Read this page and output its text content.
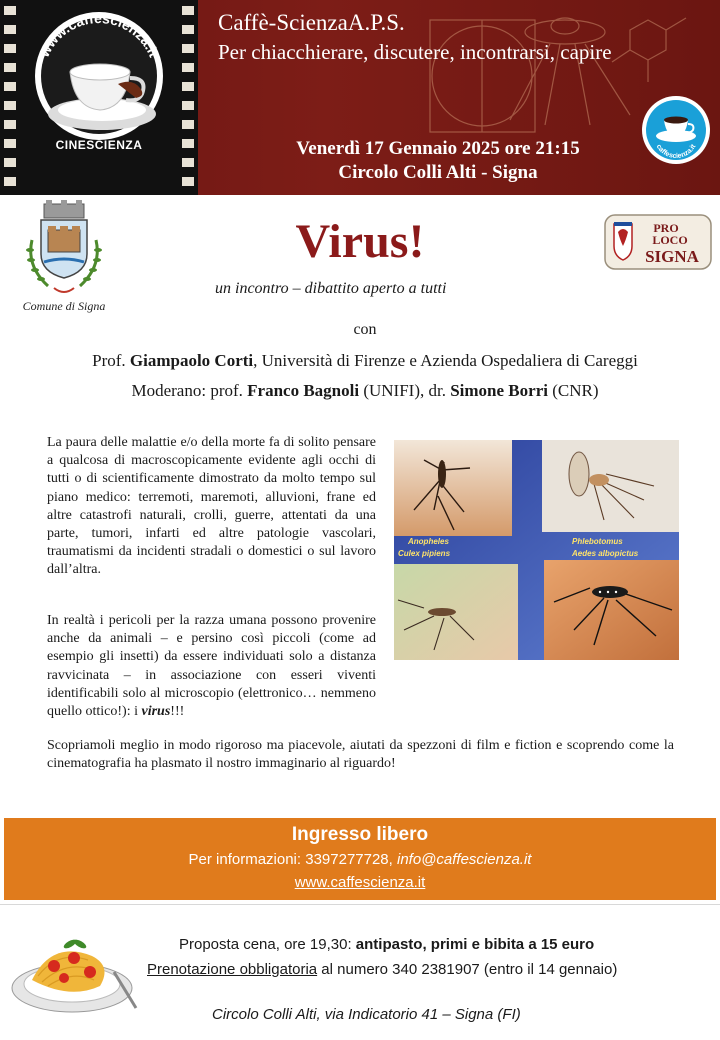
www.caffescienza.it
CINESCIENZA
Caffè-ScienzaA.P.S.
Per chiacchierare, discutere, incontrarsi, capire
Venerdì 17 Gennaio 2025 ore 21:15
Circolo Colli Alti - Signa
caffescienza.it
Comune di Signa
PRO
LOCO
SIGNA
Virus!
un incontro – dibattito aperto a tutti
con
Prof. Giampaolo Corti, Università di Firenze e Azienda Ospedaliera di Careggi
Moderano: prof. Franco Bagnoli (UNIFI), dr. Simone Borri (CNR)

La paura delle malattie e/o della morte fa di solito pensare a qualcosa di macroscopicamente evidente agli occhi di tutti o di scientificamente dimostrato da molto tempo sul piano medico: terremoti, maremoti, alluvioni, frane ed altre catastrofi naturali, crolli, guerre, attentati da una parte, tumori, infarti ed altre patologie vascolari, traumatismi da incidenti stradali o domestici o sul lavoro dall’altra.

In realtà i pericoli per la razza umana possono provenire anche da animali – e persino così piccoli (come ad esempio gli insetti) da essere individuati solo a distanza ravvicinata – in associazione con esseri viventi identificabili solo al microscopio (elettronico… nemmeno quello ottico!): i virus!!!

Scopriamoli meglio in modo rigoroso ma piacevole, aiutati da spezzoni di film e fiction e scoprendo come la cinematografia ha plasmato il nostro immaginario al riguardo!

Anopheles
Culex pipiens
Phlebotomus
Aedes albopictus
Ingresso libero
Per informazioni: 3397277728, info@caffescienza.it
www.caffescienza.it
Proposta cena, ore 19,30: antipasto, primi e bibita a 15 euro
Prenotazione obbligatoria al numero 340 2381907 (entro il 14 gennaio)
Circolo Colli Alti, via Indicatorio 41 – Signa (FI)
